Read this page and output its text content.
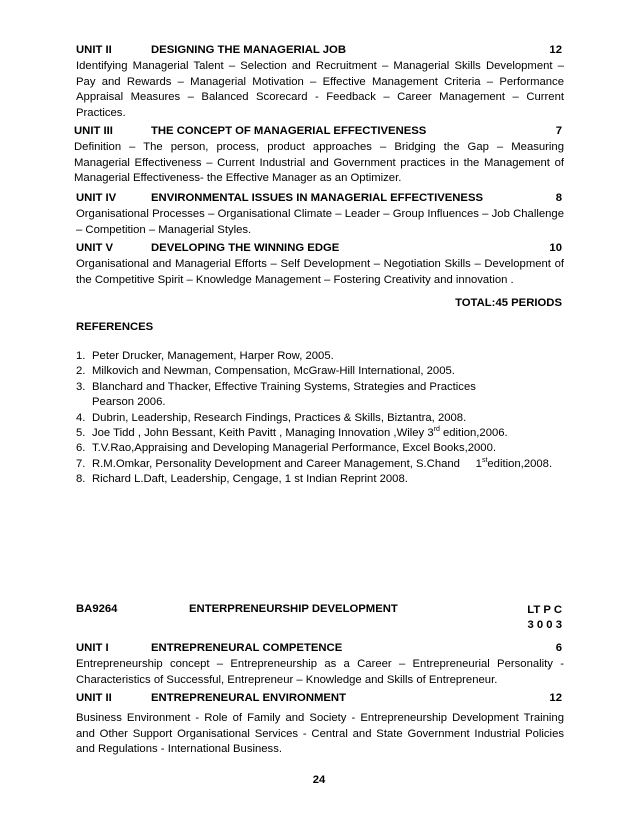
UNIT II	DESIGNING THE MANAGERIAL JOB	12
Identifying Managerial Talent – Selection and Recruitment – Managerial Skills Development – Pay and Rewards – Managerial Motivation – Effective Management Criteria – Performance Appraisal Measures – Balanced Scorecard - Feedback – Career Management – Current Practices.
UNIT III	THE CONCEPT OF MANAGERIAL EFFECTIVENESS	7
Definition – The person, process, product approaches – Bridging the Gap – Measuring Managerial Effectiveness – Current Industrial and Government practices in the Management of Managerial Effectiveness- the Effective Manager as an Optimizer.
UNIT IV	ENVIRONMENTAL ISSUES IN MANAGERIAL EFFECTIVENESS	8
Organisational Processes – Organisational Climate – Leader – Group Influences – Job Challenge – Competition – Managerial Styles.
UNIT V	DEVELOPING THE WINNING EDGE	10
Organisational and Managerial Efforts – Self Development – Negotiation Skills – Development of the Competitive Spirit – Knowledge Management – Fostering Creativity and innovation .
TOTAL:45 PERIODS
REFERENCES
1. Peter Drucker, Management, Harper Row, 2005.
2. Milkovich and Newman, Compensation, McGraw-Hill International, 2005.
3. Blanchard and Thacker, Effective Training Systems, Strategies and Practices
Pearson 2006.
4. Dubrin, Leadership, Research Findings, Practices & Skills, Biztantra, 2008.
5. Joe Tidd , John Bessant, Keith Pavitt , Managing Innovation ,Wiley 3rd edition,2006.
6. T.V.Rao,Appraising and Developing Managerial Performance, Excel Books,2000.
7. R.M.Omkar, Personality Development and Career Management, S.Chand     1stedition,2008.
8. Richard L.Daft, Leadership, Cengage, 1 st Indian Reprint 2008.
BA9264	ENTERPRENEURSHIP DEVELOPMENT	LT P C
3 0 0 3
UNIT I	ENTREPRENEURAL COMPETENCE	6
Entrepreneurship concept – Entrepreneurship as a Career – Entrepreneurial Personality - Characteristics of Successful, Entrepreneur – Knowledge and Skills of Entrepreneur.
UNIT II	ENTREPRENEURAL ENVIRONMENT	12
Business Environment - Role of Family and Society - Entrepreneurship Development Training and Other Support Organisational Services - Central and State Government Industrial Policies and Regulations - International Business.
24
